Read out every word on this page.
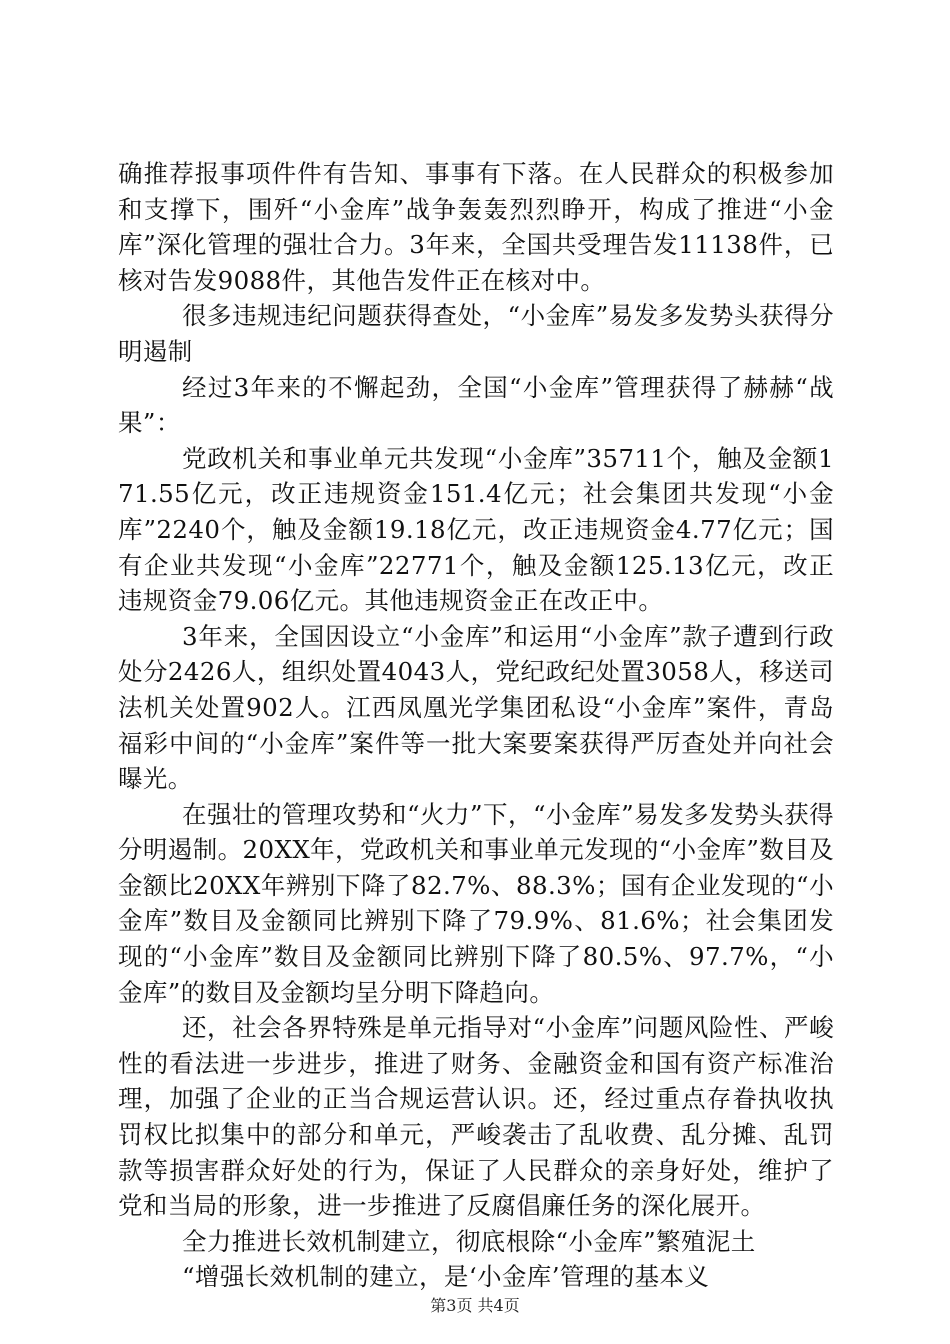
确推荐报事项件件有告知、事事有下落。在人民群众的积极参加和支撑下，围歼“小金库”战争轰轰烈烈睁开，构成了推进“小金库”深化管理的强壮合力。3年来，全国共受理告发11138件，已核对告发9088件，其他告发件正在核对中。

很多违规违纪问题获得查处，“小金库”易发多发势头获得分明遏制

经过3年来的不懈起劲，全国“小金库”管理获得了赫赫“战果”：

党政机关和事业单元共发现“小金库”35711个，触及金额171.55亿元，改正违规资金151.4亿元；社会集团共发现“小金库”2240个，触及金额19.18亿元，改正违规资金4.77亿元；国有企业共发现“小金库”22771个，触及金额125.13亿元，改正违规资金79.06亿元。其他违规资金正在改正中。

3年来，全国因设立“小金库”和运用“小金库”款子遭到行政处分2426人，组织处置4043人，党纪政纪处置3058人，移送司法机关处置902人。江西凤凰光学集团私设“小金库”案件，青岛福彩中间的“小金库”案件等一批大案要案获得严厉查处并向社会曝光。

在强壮的管理攻势和“火力”下，“小金库”易发多发势头获得分明遏制。20XX年，党政机关和事业单元发现的“小金库”数目及金额比20XX年辨别下降了82.7%、88.3%；国有企业发现的“小金库”数目及金额同比辨别下降了79.9%、81.6%；社会集团发现的“小金库”数目及金额同比辨别下降了80.5%、97.7%，“小金库”的数目及金额均呈分明下降趋向。

还，社会各界特殊是单元指导对“小金库”问题风险性、严峻性的看法进一步进步，推进了财务、金融资金和国有资产标准治理，加强了企业的正当合规运营认识。还，经过重点存眷执收执罚权比拟集中的部分和单元，严峻袭击了乱收费、乱分摊、乱罚款等损害群众好处的行为，保证了人民群众的亲身好处，维护了党和当局的形象，进一步推进了反腐倡廉任务的深化展开。

全力推进长效机制建立，彻底根除“小金库”繁殖泥土

“增强长效机制的建立，是‘小金库’管理的基本义

第3页 共4页
